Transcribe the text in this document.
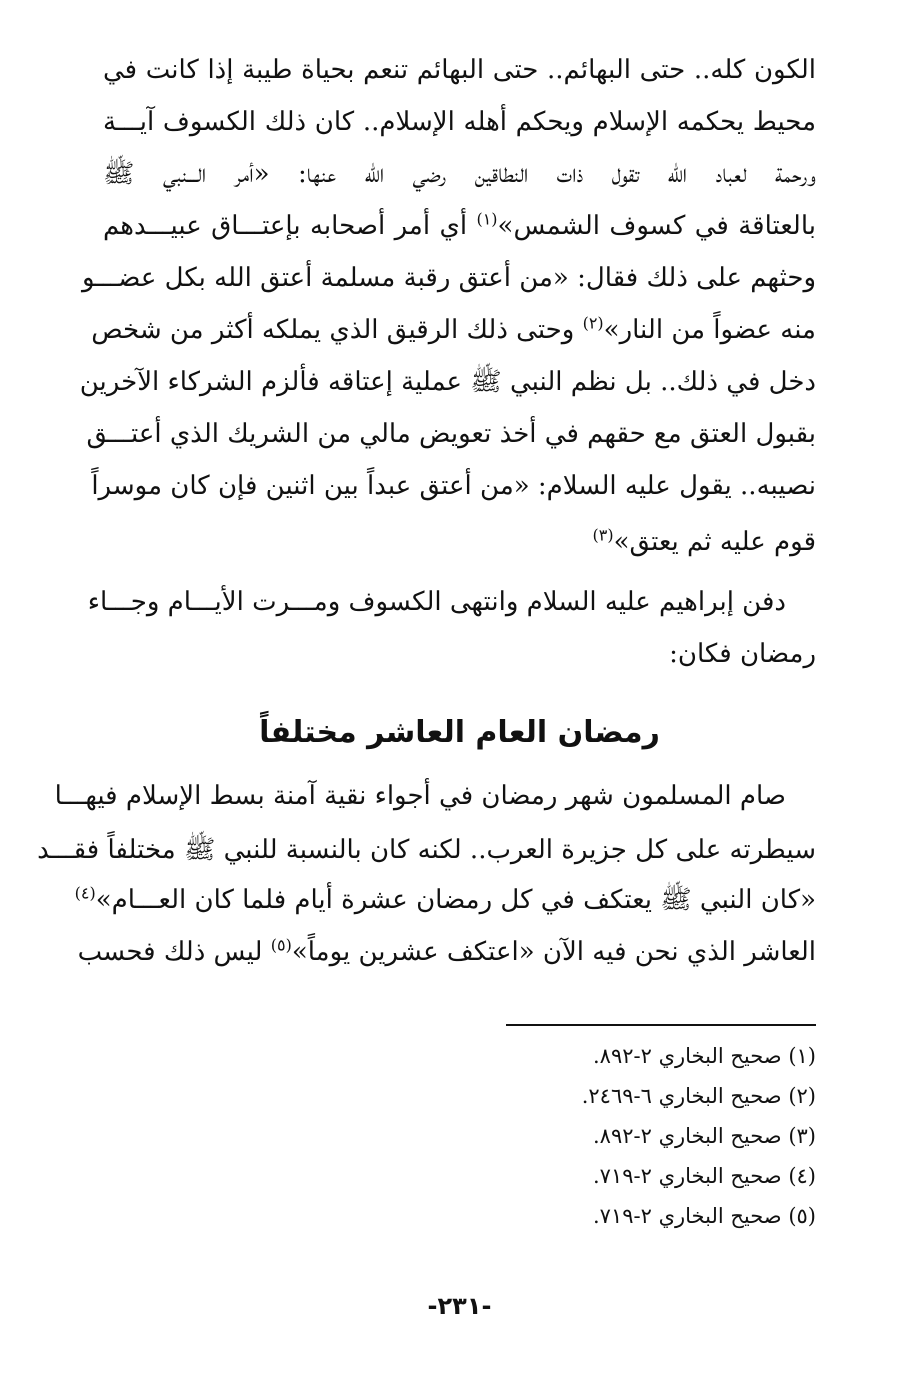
الكون كله.. حتى البهائم.. حتى البهائم تنعم بحياة طيبة إذا كانت في
محيط يحكمه الإسلام ويحكم أهله الإسلام.. كان ذلك الكسوف آيـــة
ورحمة لعباد الله تقول ذات النطاقين رضي الله عنها: «أمر الـــنبي ﷺ
بالعتاقة في كسوف الشمس»$^{(١)}$ أي أمر أصحابه بإعتـــاق عبيـــدهم
وحثهم على ذلك فقال: «من أعتق رقبة مسلمة أعتق الله بكل عضـــو
منه عضواً من النار»$^{(٢)}$ وحتى ذلك الرقيق الذي يملكه أكثر من شخص
دخل في ذلك.. بل نظم النبي ﷺ عملية إعتاقه فألزم الشركاء الآخرين
بقبول العتق مع حقهم في أخذ تعويض مالي من الشريك الذي أعتـــق
نصيبه.. يقول عليه السلام: «من أعتق عبداً بين اثنين فإن كان موسراً
قوم عليه ثم يعتق»$^{(٣)}$
دفن إبراهيم عليه السلام وانتهى الكسوف ومـــرت الأيـــام وجـــاء
رمضان فكان:
رمضان العام العاشر مختلفاً
صام المسلمون شهر رمضان في أجواء نقية آمنة بسط الإسلام فيهـــا
سيطرته على كل جزيرة العرب.. لكنه كان بالنسبة للنبي ﷺ مختلفاً فقـــد
«كان النبي ﷺ يعتكف في كل رمضان عشرة أيام فلما كان العـــام»$^{(٤)}$
العاشر الذي نحن فيه الآن «اعتكف عشرين يوماً»$^{(٥)}$ ليس ذلك فحسب
(١) صحيح البخاري ٢-٨٩٢.
(٢) صحيح البخاري ٦-٢٤٦٩.
(٣) صحيح البخاري ٢-٨٩٢.
(٤) صحيح البخاري ٢-٧١٩.
(٥) صحيح البخاري ٢-٧١٩.
-٢٣١-
